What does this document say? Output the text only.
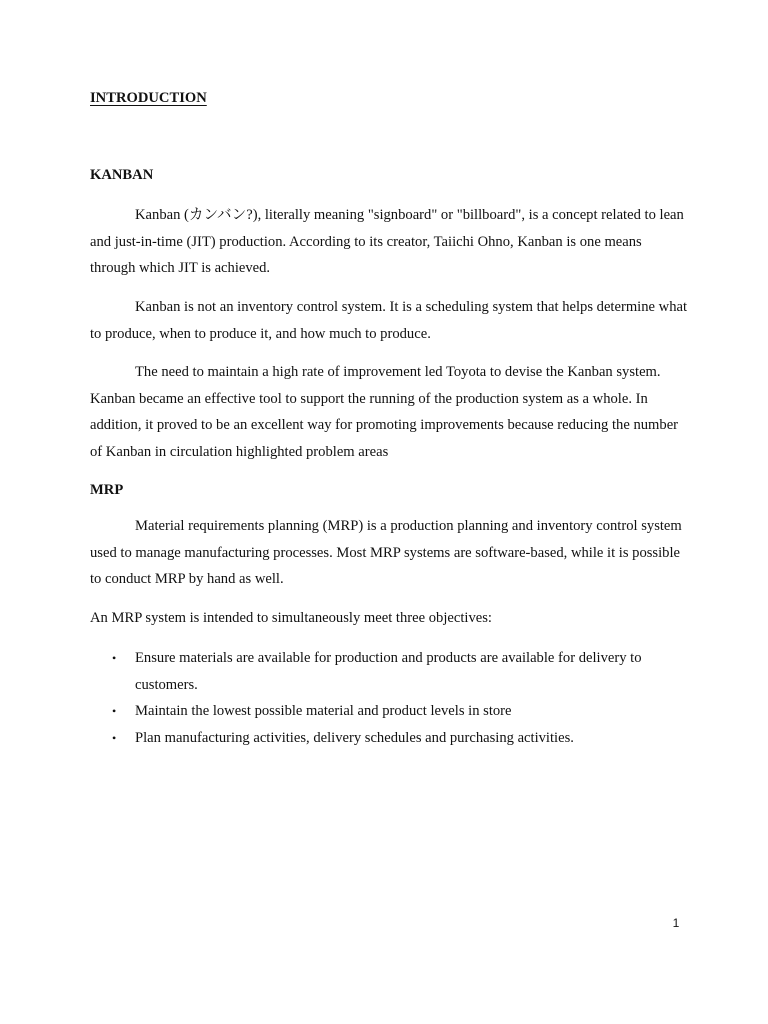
INTRODUCTION
KANBAN

Kanban (カンバン?), literally meaning "signboard" or "billboard", is a concept related to lean and just-in-time (JIT) production. According to its creator, Taiichi Ohno, Kanban is one means through which JIT is achieved.

Kanban is not an inventory control system. It is a scheduling system that helps determine what to produce, when to produce it, and how much to produce.

The need to maintain a high rate of improvement led Toyota to devise the Kanban system. Kanban became an effective tool to support the running of the production system as a whole. In addition, it proved to be an excellent way for promoting improvements because reducing the number of Kanban in circulation highlighted problem areas

MRP

Material requirements planning (MRP) is a production planning and inventory control system used to manage manufacturing processes. Most MRP systems are software-based, while it is possible to conduct MRP by hand as well.

An MRP system is intended to simultaneously meet three objectives:

• Ensure materials are available for production and products are available for delivery to customers.
• Maintain the lowest possible material and product levels in store
• Plan manufacturing activities, delivery schedules and purchasing activities.
1
